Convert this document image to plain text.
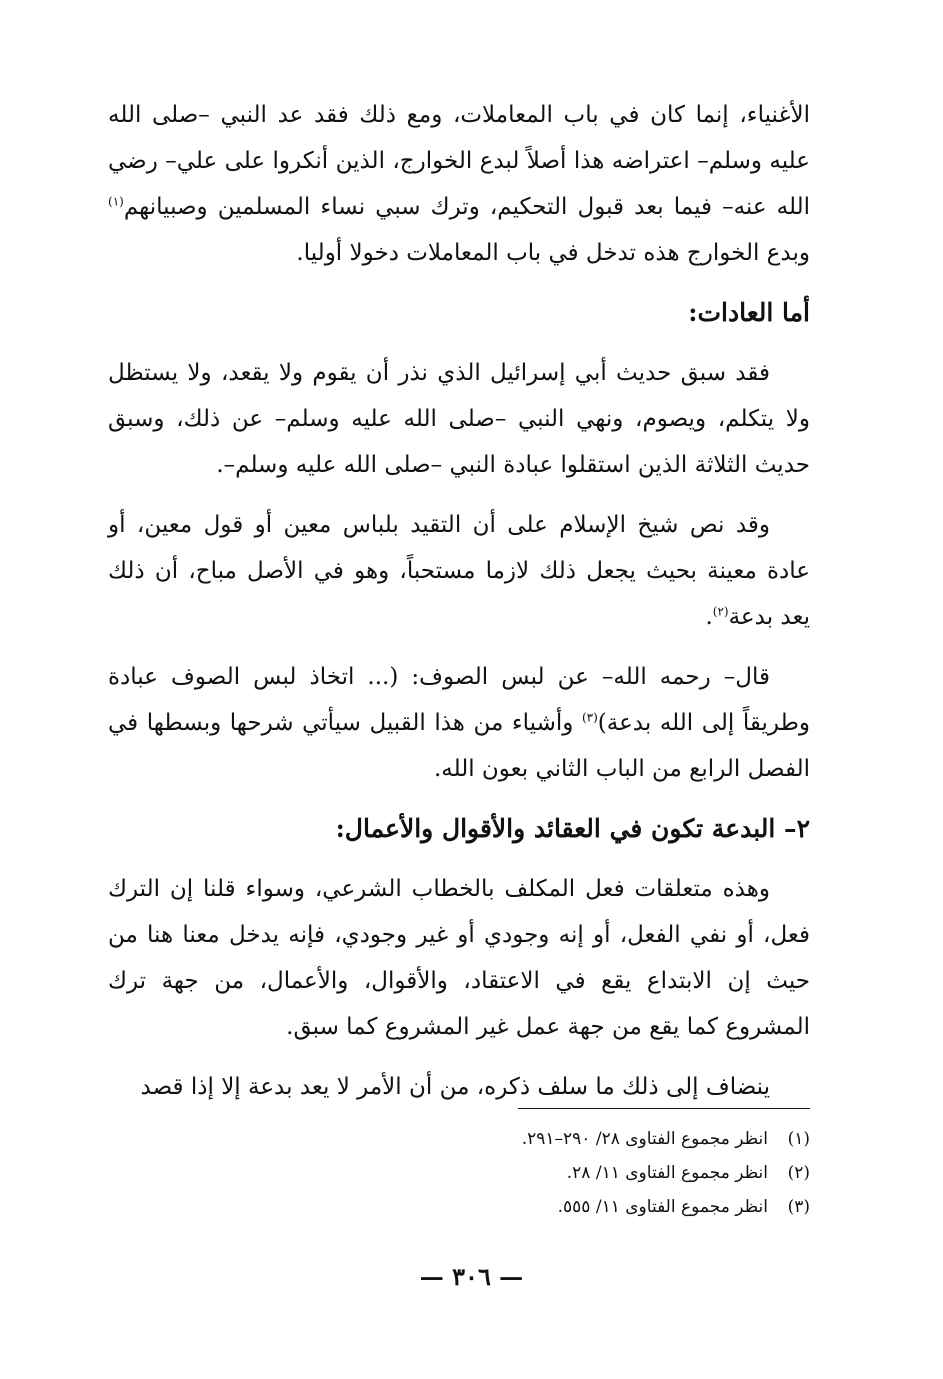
الأغنياء، إنما كان في باب المعاملات، ومع ذلك فقد عد النبي –صلى الله عليه وسلم– اعتراضه هذا أصلاً لبدع الخوارج، الذين أنكروا على علي– رضي الله عنه– فيما بعد قبول التحكيم، وترك سبي نساء المسلمين وصبيانهم$^{(١)}$ وبدع الخوارج هذه تدخل في باب المعاملات دخولا أوليا.

أما العادات:

فقد سبق حديث أبي إسرائيل الذي نذر أن يقوم ولا يقعد، ولا يستظل ولا يتكلم، ويصوم، ونهي النبي –صلى الله عليه وسلم– عن ذلك، وسبق حديث الثلاثة الذين استقلوا عبادة النبي –صلى الله عليه وسلم–.

وقد نص شيخ الإسلام على أن التقيد بلباس معين أو قول معين، أو عادة معينة بحيث يجعل ذلك لازما مستحباً، وهو في الأصل مباح، أن ذلك يعد بدعة$^{(٢)}$.

قال– رحمه الله– عن لبس الصوف: (... اتخاذ لبس الصوف عبادة وطريقاً إلى الله بدعة)$^{(٣)}$ وأشياء من هذا القبيل سيأتي شرحها وبسطها في الفصل الرابع من الباب الثاني بعون الله.

٢– البدعة تكون في العقائد والأقوال والأعمال:

وهذه متعلقات فعل المكلف بالخطاب الشرعي، وسواء قلنا إن الترك فعل، أو نفي الفعل، أو إنه وجودي أو غير وجودي، فإنه يدخل معنا هنا من حيث إن الابتداع يقع في الاعتقاد، والأقوال، والأعمال، من جهة ترك المشروع كما يقع من جهة عمل غير المشروع كما سبق.

ينضاف إلى ذلك ما سلف ذكره، من أن الأمر لا يعد بدعة إلا إذا قصد

(١)انظر مجموع الفتاوى ٢٨/ ٢٩٠–٢٩١.
(٢)انظر مجموع الفتاوى ١١/ ٢٨.
(٣)انظر مجموع الفتاوى ١١/ ٥٥٥.
— ٣٠٦ —
